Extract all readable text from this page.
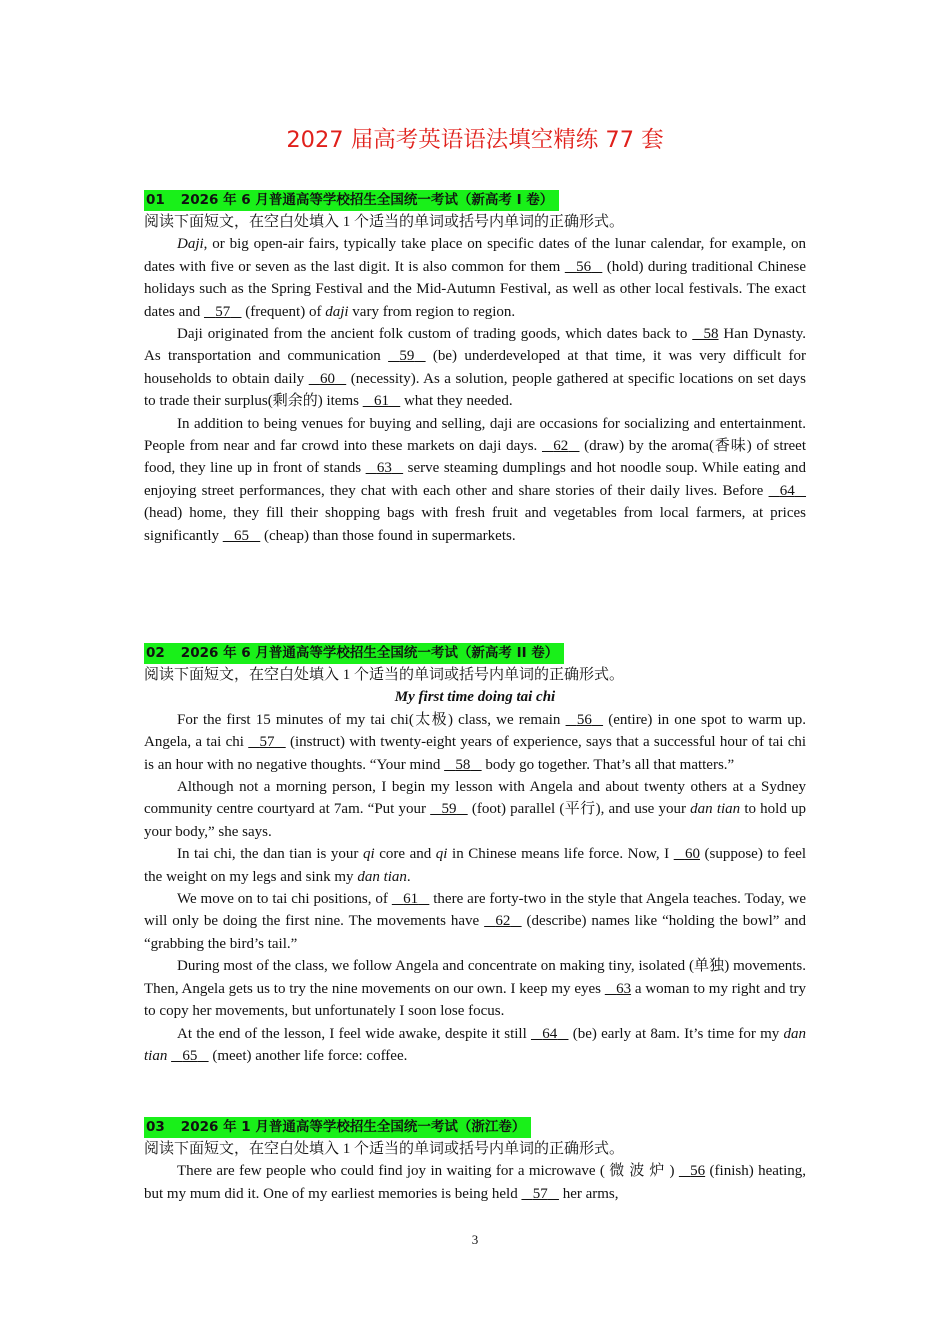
2027 届高考英语语法填空精练 77 套
01 2026 年 6 月普通高等学校招生全国统一考试（新高考 I 卷）

阅读下面短文，在空白处填入 1 个适当的单词或括号内单词的正确形式。

Daji, or big open-air fairs, typically take place on specific dates of the lunar calendar, for example, on dates with five or seven as the last digit. It is also common for them 56 (hold) during traditional Chinese holidays such as the Spring Festival and the Mid-Autumn Festival, as well as other local festivals. The exact dates and 57 (frequent) of daji vary from region to region.

Daji originated from the ancient folk custom of trading goods, which dates back to 58 Han Dynasty. As transportation and communication 59 (be) underdeveloped at that time, it was very difficult for households to obtain daily 60 (necessity). As a solution, people gathered at specific locations on set days to trade their surplus(剩余的) items 61 what they needed.

In addition to being venues for buying and selling, daji are occasions for socializing and entertainment. People from near and far crowd into these markets on daji days. 62 (draw) by the aroma(香味) of street food, they line up in front of stands 63 serve steaming dumplings and hot noodle soup. While eating and enjoying street performances, they chat with each other and share stories of their daily lives. Before 64    (head) home, they fill their shopping bags with fresh fruit and vegetables from local farmers, at prices significantly 65 (cheap) than those found in supermarkets.

02 2026 年 6 月普通高等学校招生全国统一考试（新高考 II 卷）

阅读下面短文，在空白处填入 1 个适当的单词或括号内单词的正确形式。

My first time doing tai chi

For the first 15 minutes of my tai chi(太极) class, we remain 56 (entire) in one spot to warm up. Angela, a tai chi 57 (instruct) with twenty-eight years of experience, says that a successful hour of tai chi is an hour with no negative thoughts. “Your mind 58 body go together. That’s all that matters.”

Although not a morning person, I begin my lesson with Angela and about twenty others at a Sydney community centre courtyard at 7am. “Put your 59 (foot) parallel (平行), and use your dan tian to hold up your body,” she says.

In tai chi, the dan tian is your qi core and qi in Chinese means life force. Now, I 60 (suppose) to feel the weight on my legs and sink my dan tian.

We move on to tai chi positions, of 61 there are forty-two in the style that Angela teaches. Today, we will only be doing the first nine. The movements have 62 (describe) names like “holding the bowl” and “grabbing the bird’s tail.”

During most of the class, we follow Angela and concentrate on making tiny, isolated (单独) movements. Then, Angela gets us to try the nine movements on our own. I keep my eyes 63 a woman to my right and try to copy her movements, but unfortunately I soon lose focus.

At the end of the lesson, I feel wide awake, despite it still 64 (be) early at 8am. It’s time for my dan tian 65 (meet) another life force: coffee.

03 2026 年 1 月普通高等学校招生全国统一考试（浙江卷）

阅读下面短文，在空白处填入 1 个适当的单词或括号内单词的正确形式。

There are few people who could find joy in waiting for a microwave ( 微 波 炉 ) 56 (finish) heating, but my mum did it. One of my earliest memories is being held 57 her arms,

3
